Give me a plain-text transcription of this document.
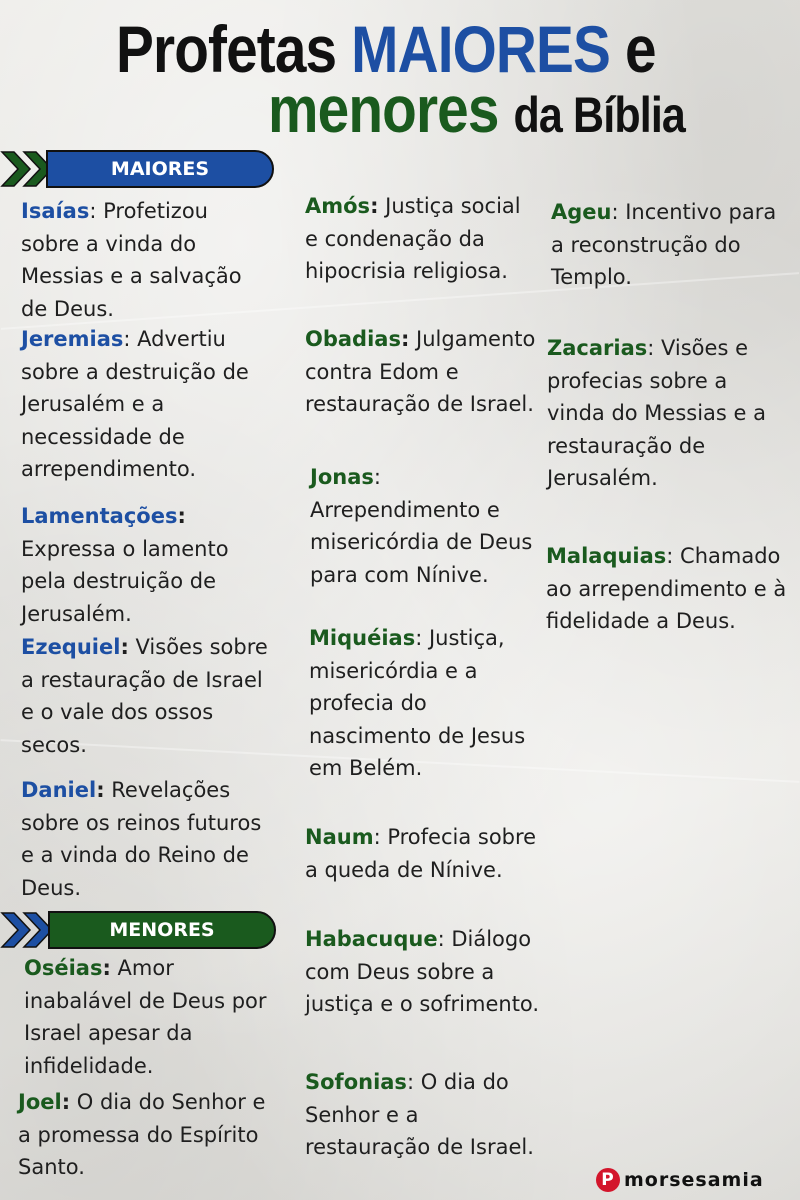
Profetas MAIORES e
menores da Bíblia
MAIORES
MENORES
Isaías: Profetizou sobre a vinda do Messias e a salvação de Deus.
Jeremias: Advertiu sobre a destruição de Jerusalém e a necessidade de arrependimento.
Lamentações: Expressa o lamento pela destruição de Jerusalém.
Ezequiel: Visões sobre a restauração de Israel e o vale dos ossos secos.
Daniel: Revelações sobre os reinos futuros e a vinda do Reino de Deus.
Oséias: Amor inabalável de Deus por Israel apesar da infidelidade.
Joel: O dia do Senhor e a promessa do Espírito Santo.
Amós: Justiça social e condenação da hipocrisia religiosa.
Obadias: Julgamento contra Edom e restauração de Israel.
Jonas: Arrependimento e misericórdia de Deus para com Nínive.
Miquéias: Justiça, misericórdia e a profecia do nascimento de Jesus em Belém.
Naum: Profecia sobre a queda de Nínive.
Habacuque: Diálogo com Deus sobre a justiça e o sofrimento.
Sofonias: O dia do Senhor e a restauração de Israel.
Ageu: Incentivo para a reconstrução do Templo.
Zacarias: Visões e profecias sobre a vinda do Messias e a restauração de Jerusalém.
Malaquias: Chamado ao arrependimento e à fidelidade a Deus.
P morsesamia
